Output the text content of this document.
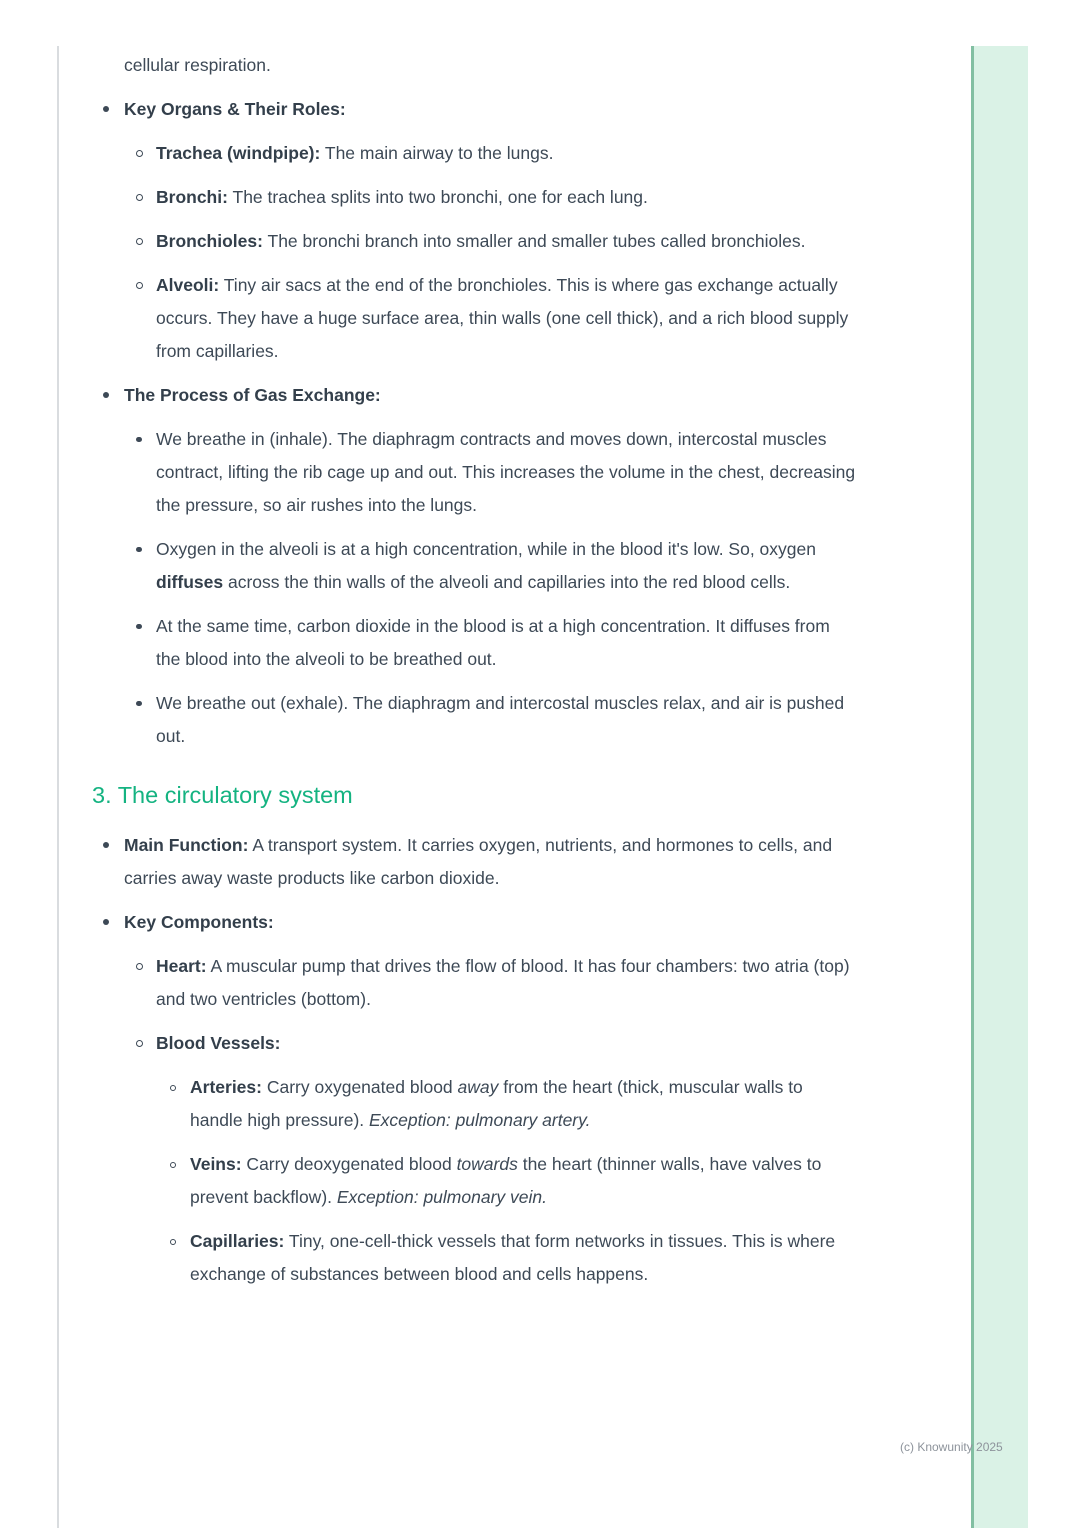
cellular respiration.
Key Organs & Their Roles:
Trachea (windpipe): The main airway to the lungs.
Bronchi: The trachea splits into two bronchi, one for each lung.
Bronchioles: The bronchi branch into smaller and smaller tubes called bronchioles.
Alveoli: Tiny air sacs at the end of the bronchioles. This is where gas exchange actually occurs. They have a huge surface area, thin walls (one cell thick), and a rich blood supply from capillaries.
The Process of Gas Exchange:
We breathe in (inhale). The diaphragm contracts and moves down, intercostal muscles contract, lifting the rib cage up and out. This increases the volume in the chest, decreasing the pressure, so air rushes into the lungs.
Oxygen in the alveoli is at a high concentration, while in the blood it's low. So, oxygen diffuses across the thin walls of the alveoli and capillaries into the red blood cells.
At the same time, carbon dioxide in the blood is at a high concentration. It diffuses from the blood into the alveoli to be breathed out.
We breathe out (exhale). The diaphragm and intercostal muscles relax, and air is pushed out.
3. The circulatory system
Main Function: A transport system. It carries oxygen, nutrients, and hormones to cells, and carries away waste products like carbon dioxide.
Key Components:
Heart: A muscular pump that drives the flow of blood. It has four chambers: two atria (top) and two ventricles (bottom).
Blood Vessels:
Arteries: Carry oxygenated blood away from the heart (thick, muscular walls to handle high pressure). Exception: pulmonary artery.
Veins: Carry deoxygenated blood towards the heart (thinner walls, have valves to prevent backflow). Exception: pulmonary vein.
Capillaries: Tiny, one-cell-thick vessels that form networks in tissues. This is where exchange of substances between blood and cells happens.
(c) Knowunity 2025
